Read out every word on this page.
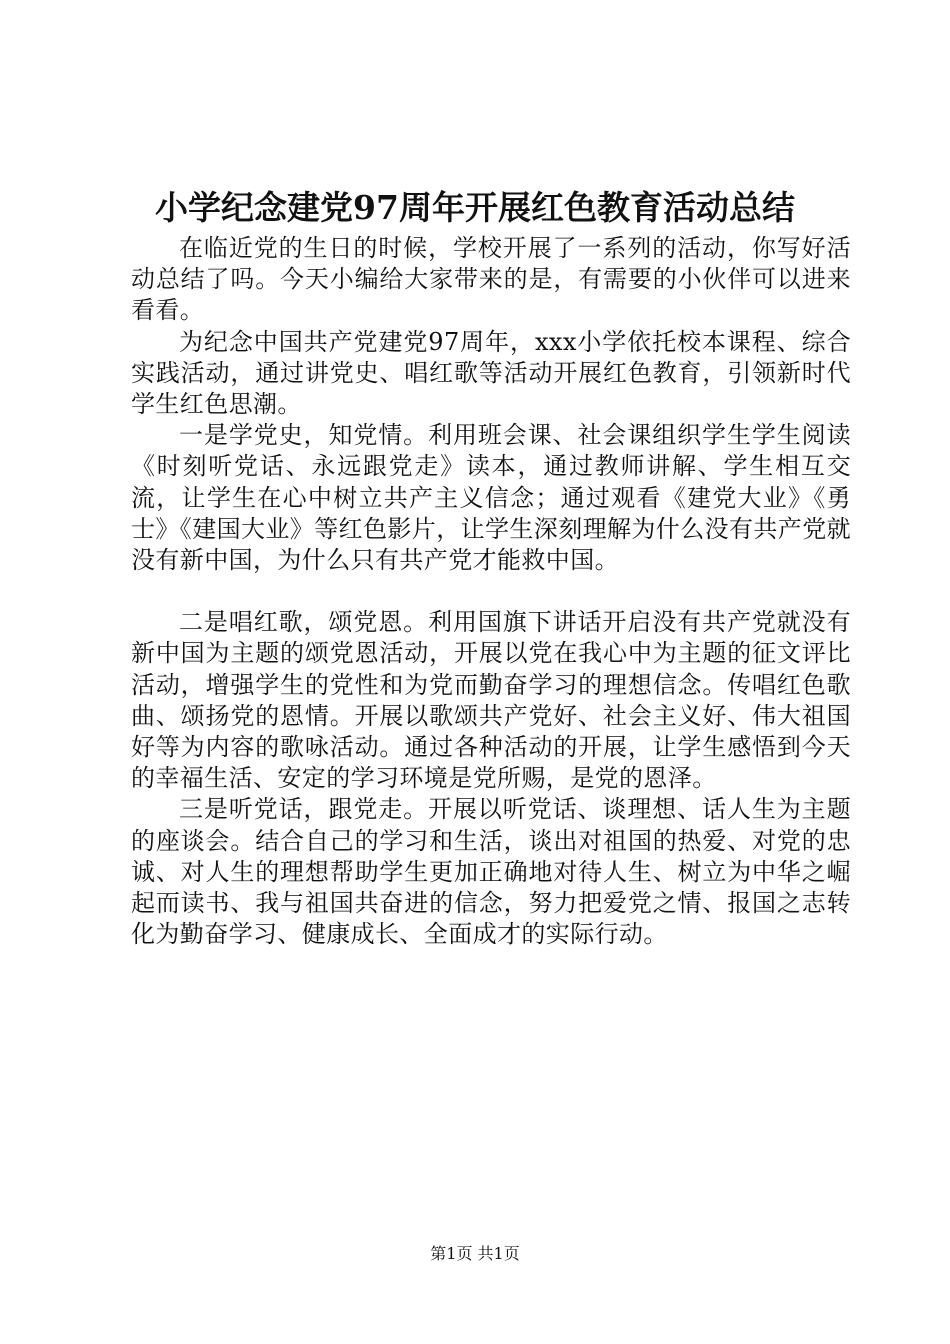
小学纪念建党97周年开展红色教育活动总结

在临近党的生日的时候，学校开展了一系列的活动，你写好活动总结了吗。今天小编给大家带来的是，有需要的小伙伴可以进来看看。

为纪念中国共产党建党97周年，xxx小学依托校本课程、综合实践活动，通过讲党史、唱红歌等活动开展红色教育，引领新时代学生红色思潮。

一是学党史，知党情。利用班会课、社会课组织学生学生阅读《时刻听党话、永远跟党走》读本，通过教师讲解、学生相互交流，让学生在心中树立共产主义信念；通过观看《建党大业》《勇士》《建国大业》等红色影片，让学生深刻理解为什么没有共产党就没有新中国，为什么只有共产党才能救中国。

二是唱红歌，颂党恩。利用国旗下讲话开启没有共产党就没有新中国为主题的颂党恩活动，开展以党在我心中为主题的征文评比活动，增强学生的党性和为党而勤奋学习的理想信念。传唱红色歌曲、颂扬党的恩情。开展以歌颂共产党好、社会主义好、伟大祖国好等为内容的歌咏活动。通过各种活动的开展，让学生感悟到今天的幸福生活、安定的学习环境是党所赐，是党的恩泽。

三是听党话，跟党走。开展以听党话、谈理想、话人生为主题的座谈会。结合自己的学习和生活，谈出对祖国的热爱、对党的忠诚、对人生的理想帮助学生更加正确地对待人生、树立为中华之崛起而读书、我与祖国共奋进的信念，努力把爱党之情、报国之志转化为勤奋学习、健康成长、全面成才的实际行动。

第1页 共1页
